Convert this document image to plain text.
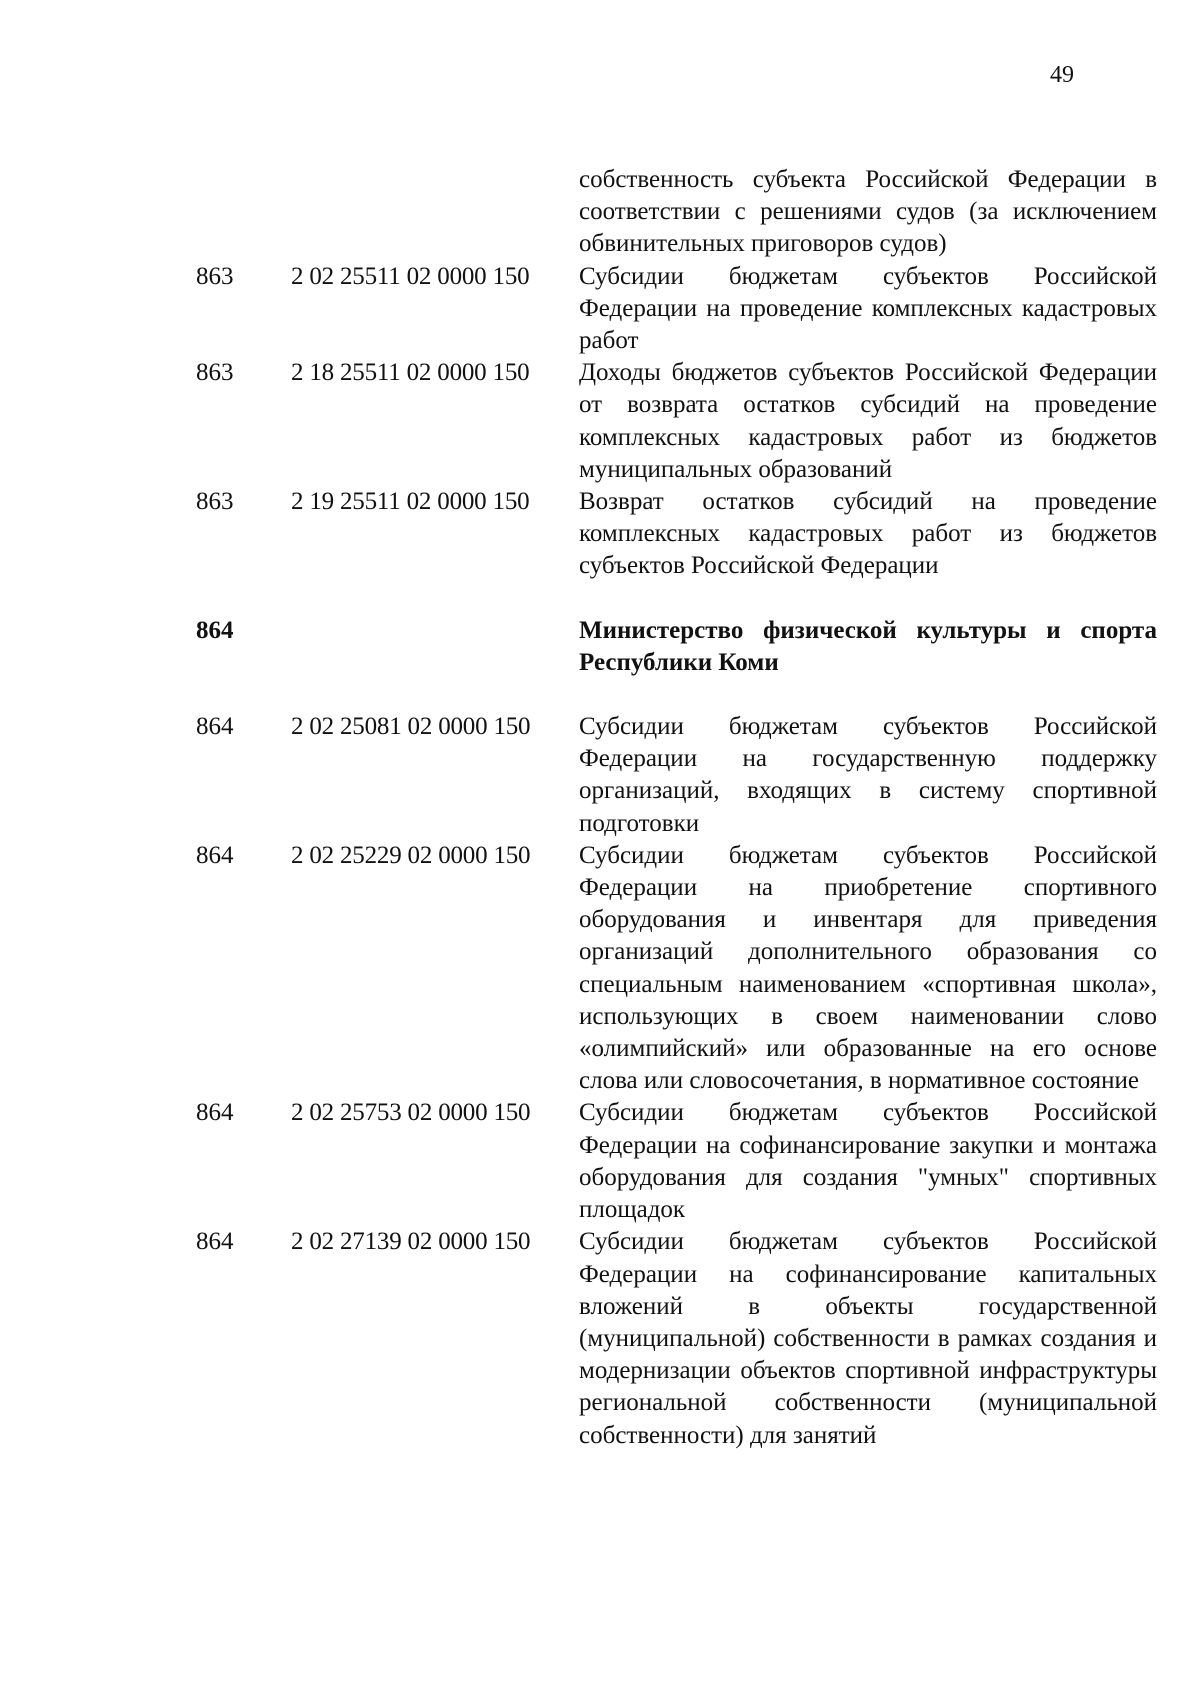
49
собственность субъекта Российской Федерации в соответствии с решениями судов (за исключением обвинительных приговоров судов)
863 2 02 25511 02 0000 150 Субсидии бюджетам субъектов Российской Федерации на проведение комплексных кадастровых работ
863 2 18 25511 02 0000 150 Доходы бюджетов субъектов Российской Федерации от возврата остатков субсидий на проведение комплексных кадастровых работ из бюджетов муниципальных образований
863 2 19 25511 02 0000 150 Возврат остатков субсидий на проведение комплексных кадастровых работ из бюджетов субъектов Российской Федерации
864	Министерство физической культуры и спорта Республики Коми
864 2 02 25081 02 0000 150 Субсидии бюджетам субъектов Российской Федерации на государственную поддержку организаций, входящих в систему спортивной подготовки
864 2 02 25229 02 0000 150 Субсидии бюджетам субъектов Российской Федерации на приобретение спортивного оборудования и инвентаря для приведения организаций дополнительного образования со специальным наименованием «спортивная школа», использующих в своем наименовании слово «олимпийский» или образованные на его основе слова или словосочетания, в нормативное состояние
864 2 02 25753 02 0000 150 Субсидии бюджетам субъектов Российской Федерации на софинансирование закупки и монтажа оборудования для создания "умных" спортивных площадок
864 2 02 27139 02 0000 150 Субсидии бюджетам субъектов Российской Федерации на софинансирование капитальных вложений в объекты государственной (муниципальной) собственности в рамках создания и модернизации объектов спортивной инфраструктуры региональной собственности (муниципальной собственности) для занятий
